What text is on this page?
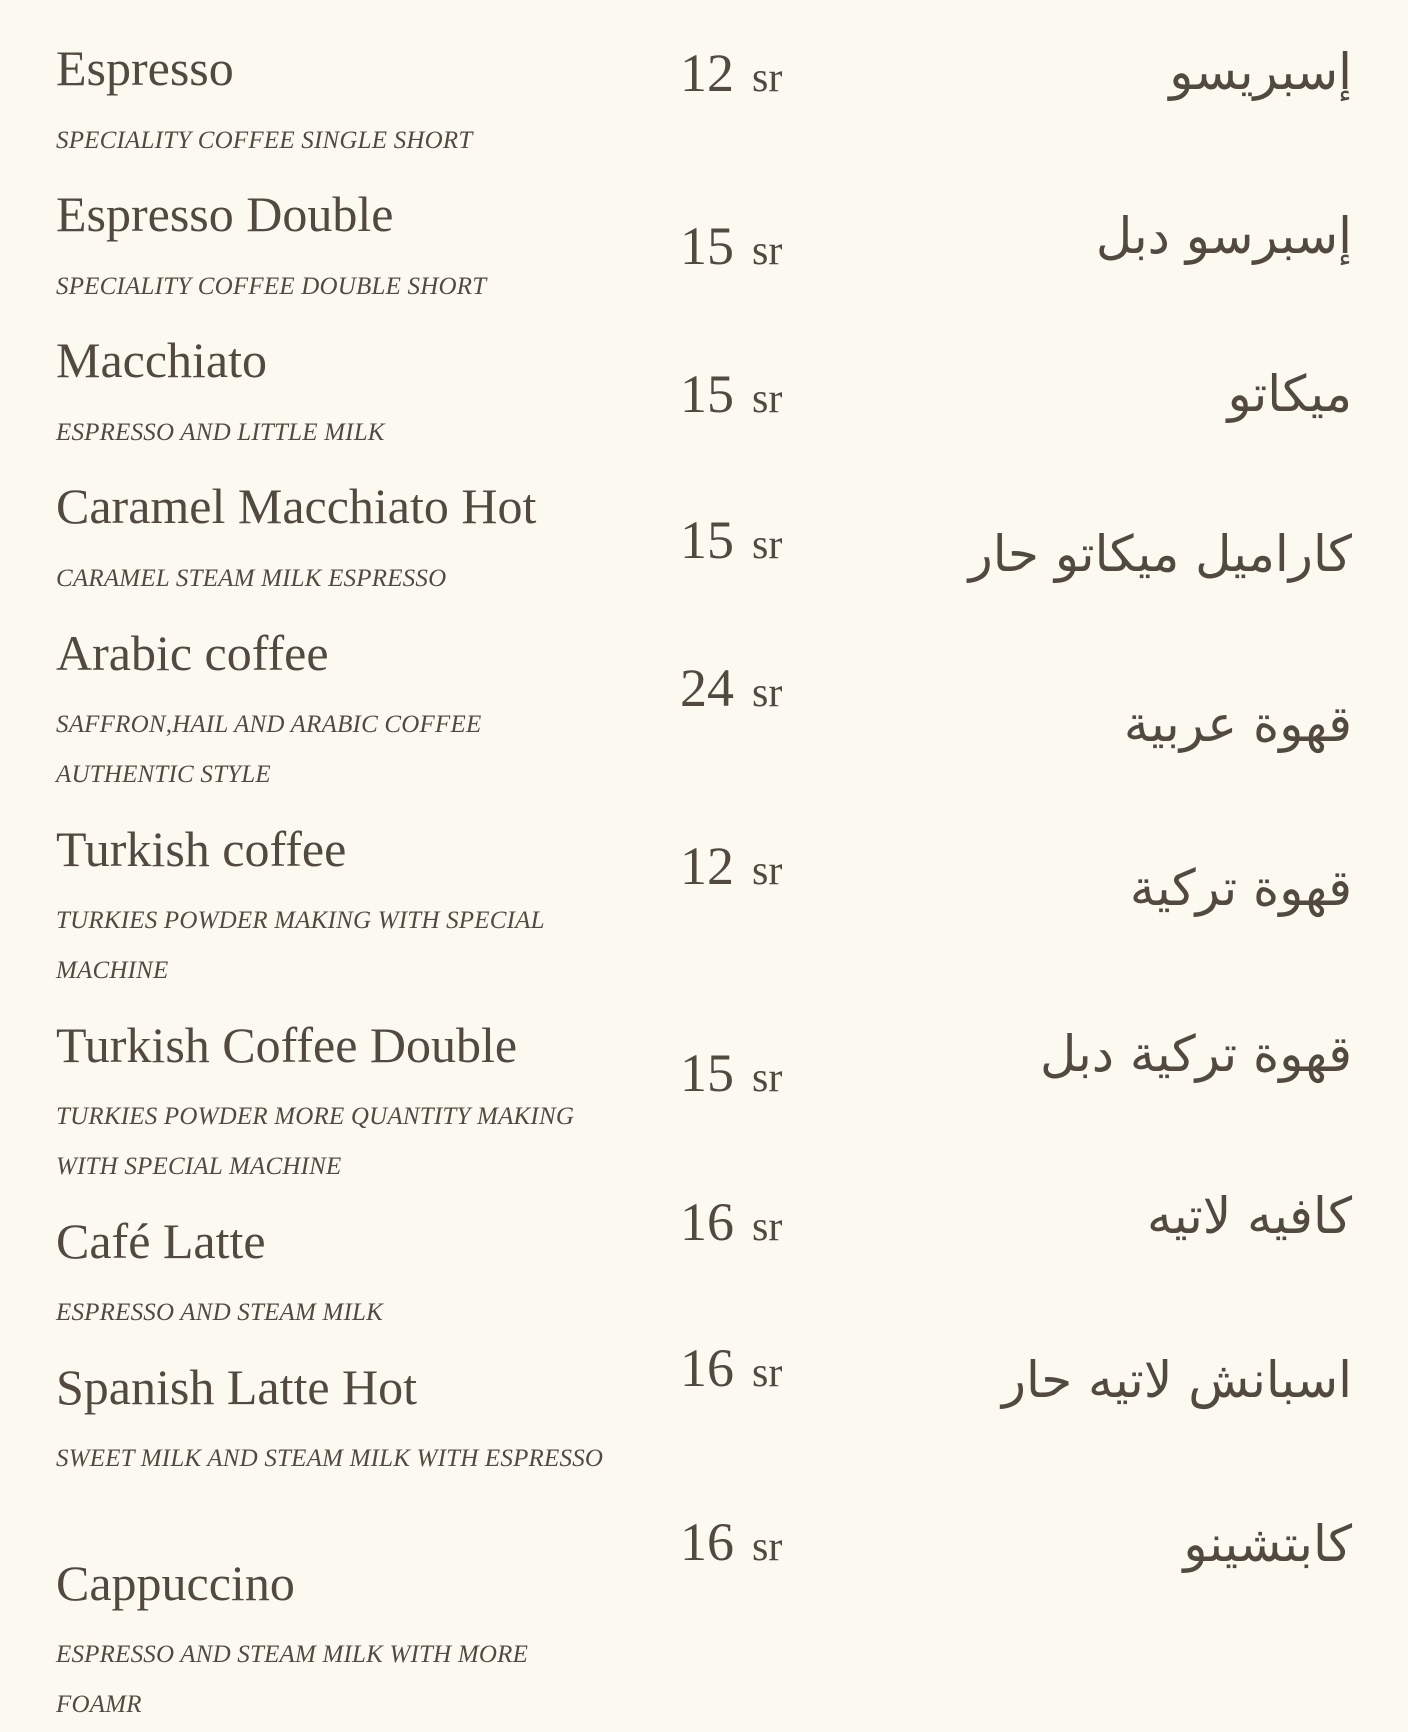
Espresso
SPECIALITY COFFEE SINGLE SHORT
Espresso Double
SPECIALITY COFFEE DOUBLE SHORT
Macchiato
ESPRESSO AND LITTLE MILK
Caramel Macchiato Hot
CARAMEL STEAM MILK ESPRESSO
Arabic coffee
SAFFRON,HAIL AND ARABIC COFFEE AUTHENTIC STYLE
Turkish coffee
TURKIES POWDER MAKING WITH SPECIAL MACHINE
Turkish Coffee Double
TURKIES POWDER MORE QUANTITY MAKING WITH SPECIAL MACHINE
Café Latte
ESPRESSO AND STEAM MILK
Spanish Latte Hot
SWEET MILK AND STEAM MILK WITH ESPRESSO
Cappuccino
ESPRESSO AND STEAM MILK WITH MORE FOAMR
12 sr
15 sr
15 sr
15 sr
24 sr
12 sr
15 sr
16 sr
16 sr
16 sr
إسبريسو
إسبرسو دبل
ميكاتو
كاراميل ميكاتو حار
قهوة عربية
قهوة تركية
قهوة تركية دبل
كافيه لاتيه
اسبانش لاتيه حار
كابتشينو
